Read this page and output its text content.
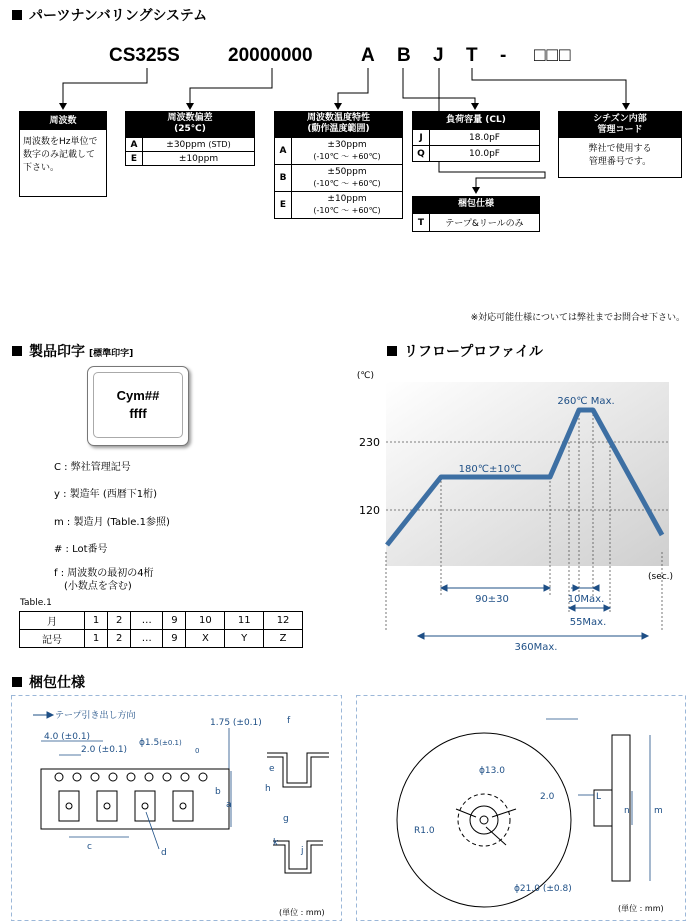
パーツナンバリングシステム
CS325S	20000000	A B J T - □□□
周波数
周波数をHz単位で数字のみ記載して下さい。
周波数偏差
(25℃)
A	±30ppm (STD)
E	±10ppm
周波数温度特性
(動作温度範囲)
A	±30ppm
(-10℃ ～ +60℃)

B	±50ppm
(-10℃ ～ +60℃)

E	±10ppm
(-10℃ ～ +60℃)
負荷容量 (CL)
J	18.0pF
Q	10.0pF
梱包仕様
T	テープ&リールのみ
シチズン内部
管理コード
弊社で使用する
管理番号です。
※対応可能仕様については弊社までお問合せ下さい。
製品印字 [標準印字]
Cym##
ffff
C : 弊社管理記号
y : 製造年 (西暦下1桁)
m : 製造月 (Table.1参照)
# : Lot番号
f : 周波数の最初の4桁
(小数点を含む)
Table.1
月	1	2	…	9	10	11	12
記号	1	2	…	9	X	Y	Z
リフロープロファイル
(℃)
230
120
(sec.)
260℃ Max.
180℃±10℃
90±30	10Max.
55Max.
360Max.
梱包仕様
テープ引き出し方向
4.0 (±0.1)
2.0 (±0.1)
ϕ1.5(±0.1)
0
1.75 (±0.1)
a
b
c
d
f
e
g
h
j
k
(単位 : mm)
ϕ13.0
2.0
R1.0
ϕ21.0 (±0.8)
L
n	m
(単位 : mm)
